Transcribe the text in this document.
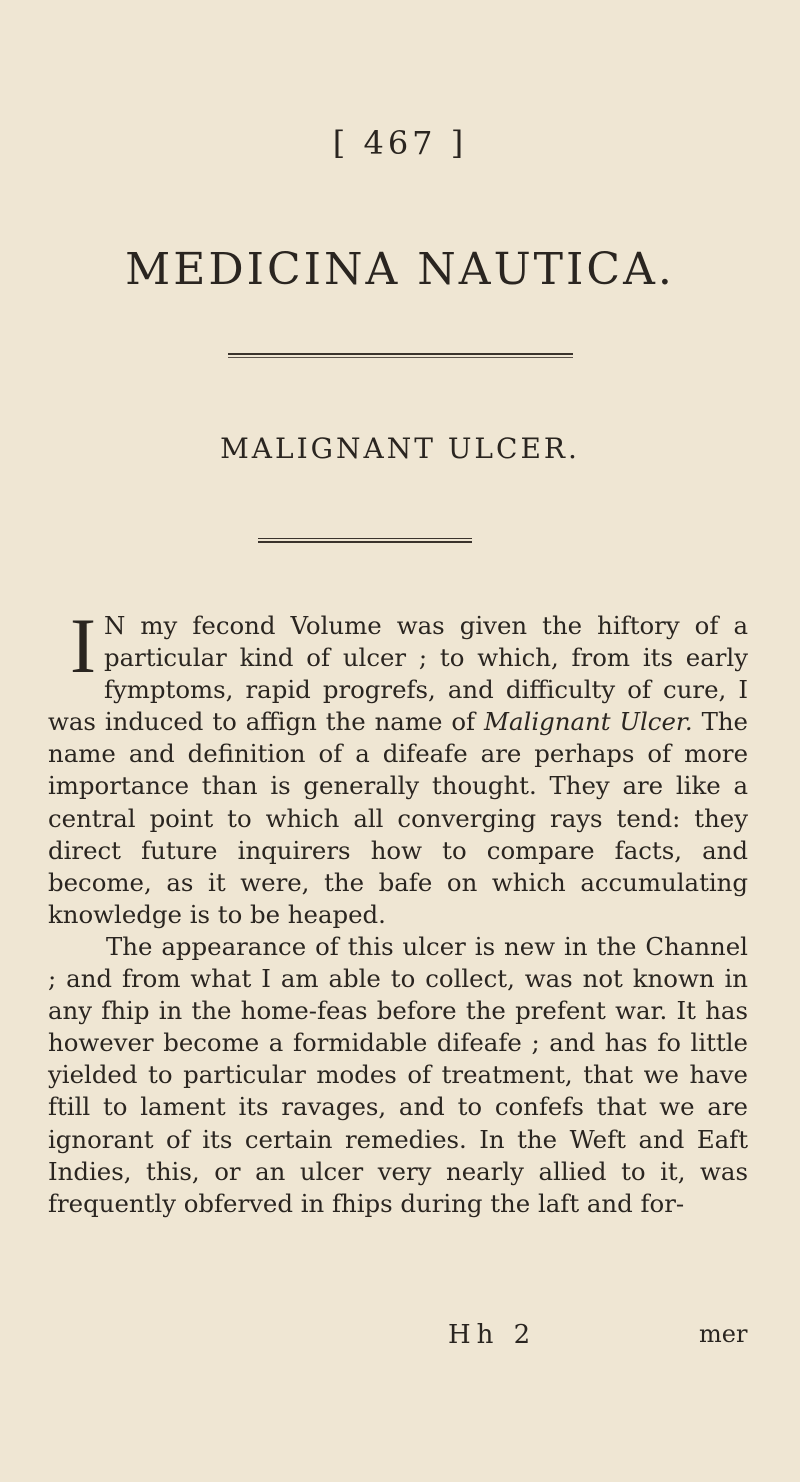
[ 467 ]
MEDICINA NAUTICA.
MALIGNANT ULCER.

I N my fecond Volume was given the hiftory of a particular kind of ulcer ; to which, from its early fymptoms, rapid progrefs, and difficulty of cure, I was induced to affign the name of Malignant Ulcer. The name and definition of a difeafe are perhaps of more importance than is generally thought. They are like a central point to which all converging rays tend: they direct future inquirers how to compare facts, and become, as it were, the bafe on which accumulating knowledge is to be heaped.

The appearance of this ulcer is new in the Channel ; and from what I am able to collect, was not known in any fhip in the home-feas before the prefent war. It has however become a formidable difeafe ; and has fo little yielded to particular modes of treatment, that we have ftill to lament its ravages, and to confefs that we are ignorant of its certain remedies. In the Weft and Eaft Indies, this, or an ulcer very nearly allied to it, was frequently obferved in fhips during the laft and for-

Hh 2	mer
